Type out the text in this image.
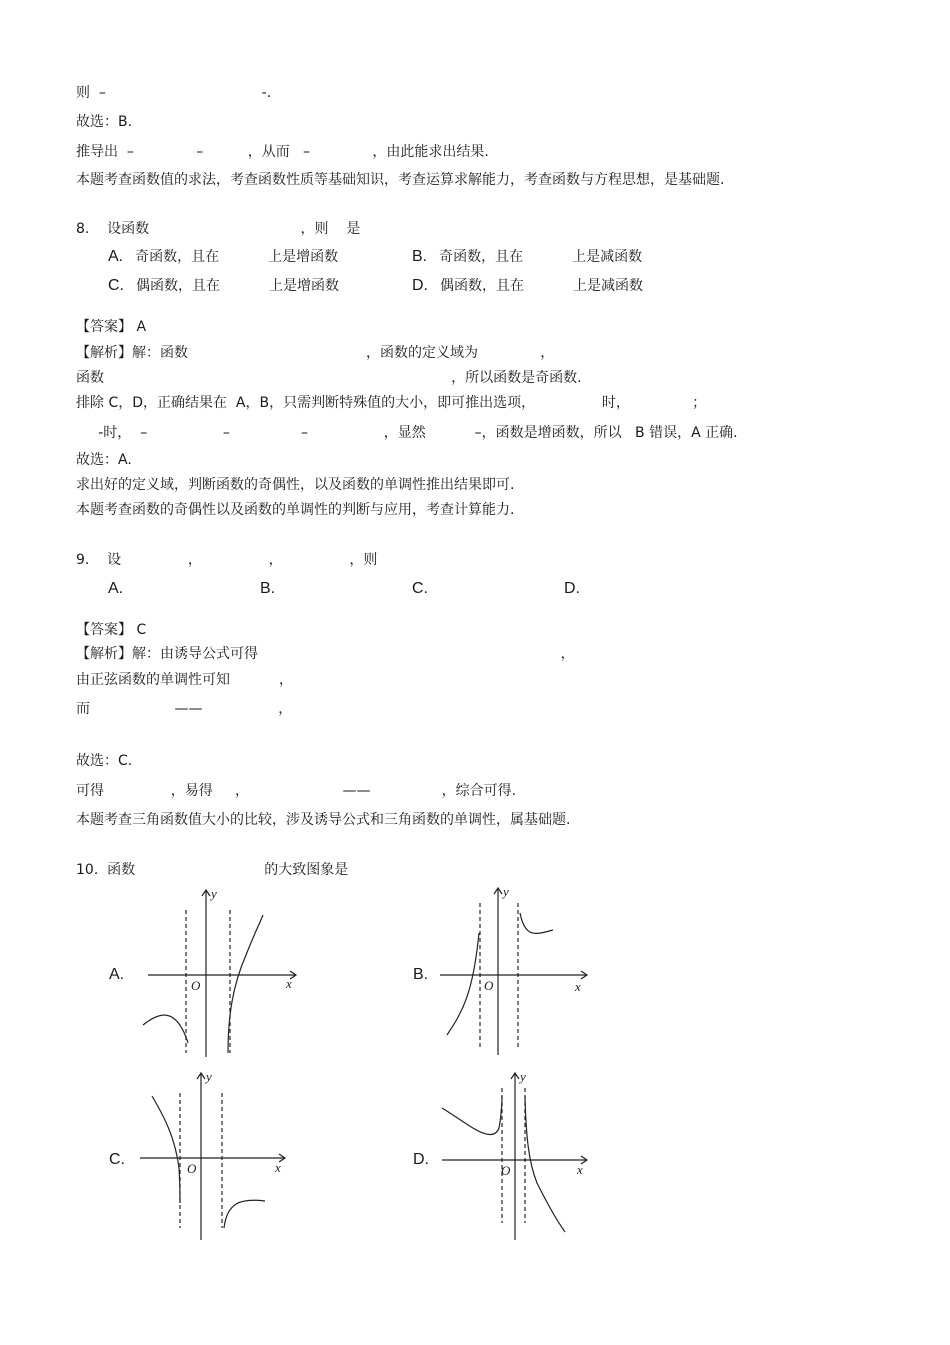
则  –                                   -.
故选：B.
推导出  –              –          ，从而   –              ，由此能求出结果.
本题考查函数值的求法，考查函数性质等基础知识，考查运算求解能力，考查函数与方程思想，是基础题.
8.    设函数                                  ，则    是
【答案】 A
【解析】解：函数                                        ，函数的定义域为              ，
函数                                                                              ，所以函数是奇函数.
排除 C，D，正确结果在  A，B，只需判断特殊值的大小，即可推出选项，               时，              ；
-时，  –                 –                –                 ，显然           –，函数是增函数，所以   B 错误，A 正确.
故选：A.
求出好的定义域，判断函数的奇偶性，以及函数的单调性推出结果即可.
本题考查函数的奇偶性以及函数的单调性的判断与应用，考查计算能力.
9.    设               ，               ，               ，则
【答案】 C
【解析】解：由诱导公式可得                                                                    ，
由正弦函数的单调性可知           ，
而                   ——                 ，
故选：C.
可得               ，易得     ，                     ——                ，综合可得.
本题考查三角函数值大小的比较，涉及诱导公式和三角函数的单调性，属基础题.
10.  函数                             的大致图象是
A. 奇函数，且在           上是增函数	B. 奇函数，且在           上是减函数
C. 偶函数，且在           上是增函数	D. 偶函数，且在           上是减函数
A.	B.	C.	D.
A.
y
x
O
B.
y
x
O
C.
y
x
O
D.
y
x
O
